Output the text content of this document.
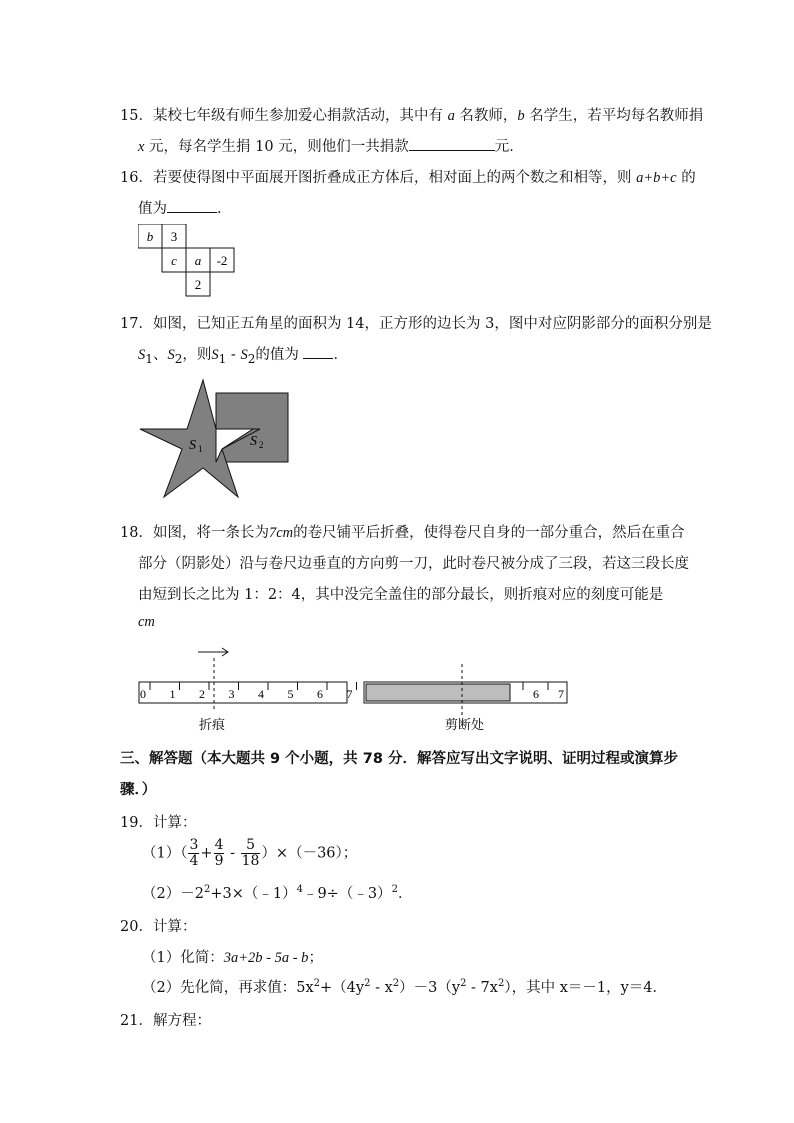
15．某校七年级有师生参加爱心捐款活动，其中有 a 名教师，b 名学生，若平均每名教师捐
x 元，每名学生捐 10 元，则他们一共捐款	元．
16．若要使得图中平面展开图折叠成正方体后，相对面上的两个数之和相等，则 a+b+c 的
值为	．
b 3
c a -2
2
17．如图，已知正五角星的面积为 14，正方形的边长为 3，图中对应阴影部分的面积分别是
$S_1$、$S_2$，则$S_1 - S_2$的值为 ．
S 1	S 2
18．如图，将一条长为7cm的卷尺铺平后折叠，使得卷尺自身的一部分重合，然后在重合
部分（阴影处）沿与卷尺边垂直的方向剪一刀，此时卷尺被分成了三段，若这三段长度
由短到长之比为 1：2：4，其中没完全盖住的部分最长，则折痕对应的刻度可能是
cm
0 1 2 3 4 5 6 7
折痕
6 7
剪断处
三、解答题（本大题共 9 个小题，共 78 分．解答应写出文字说明、证明过程或演算步
骤．）
19．计算：
$(1)( \frac{3}{4} + \frac{4}{9} - \frac{5}{18} )\times(-36)$；
$(2)-2^2+3\times(﹣1)^4﹣9\div(﹣3)^2$．
20．计算：
（1）化简：3a+2b - 5a - b；
（2）先化简，再求值：$5x^2+(4y^2 - x^2)-3(y^2 - 7x^2)$，其中 x＝－1，y＝4．
21．解方程：
